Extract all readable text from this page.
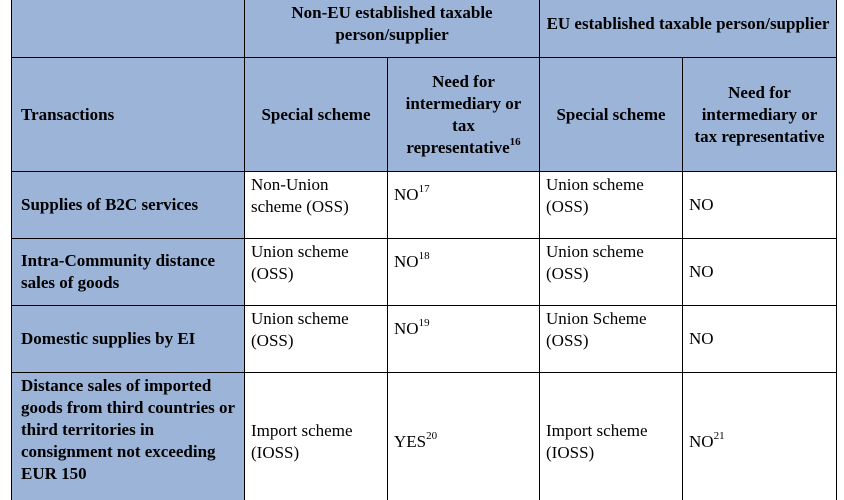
	Non-EU established taxable person/supplier		EU established taxable person/supplier	
Transactions	Special scheme	Need for intermediary or tax representative$^{16}$	Special scheme	Need for intermediary or tax representative
Supplies of B2C services	Non-Union scheme (OSS)	NO$^{17}$	Union scheme (OSS)	NO
Intra-Community distance sales of goods	Union scheme (OSS)	NO$^{18}$	Union scheme (OSS)	NO
Domestic supplies by EI	Union scheme (OSS)	NO$^{19}$	Union Scheme (OSS)	NO
Distance sales of imported goods from third countries or third territories in consignment not exceeding EUR 150	Import scheme (IOSS)	YES$^{20}$	Import scheme (IOSS)	NO$^{21}$
